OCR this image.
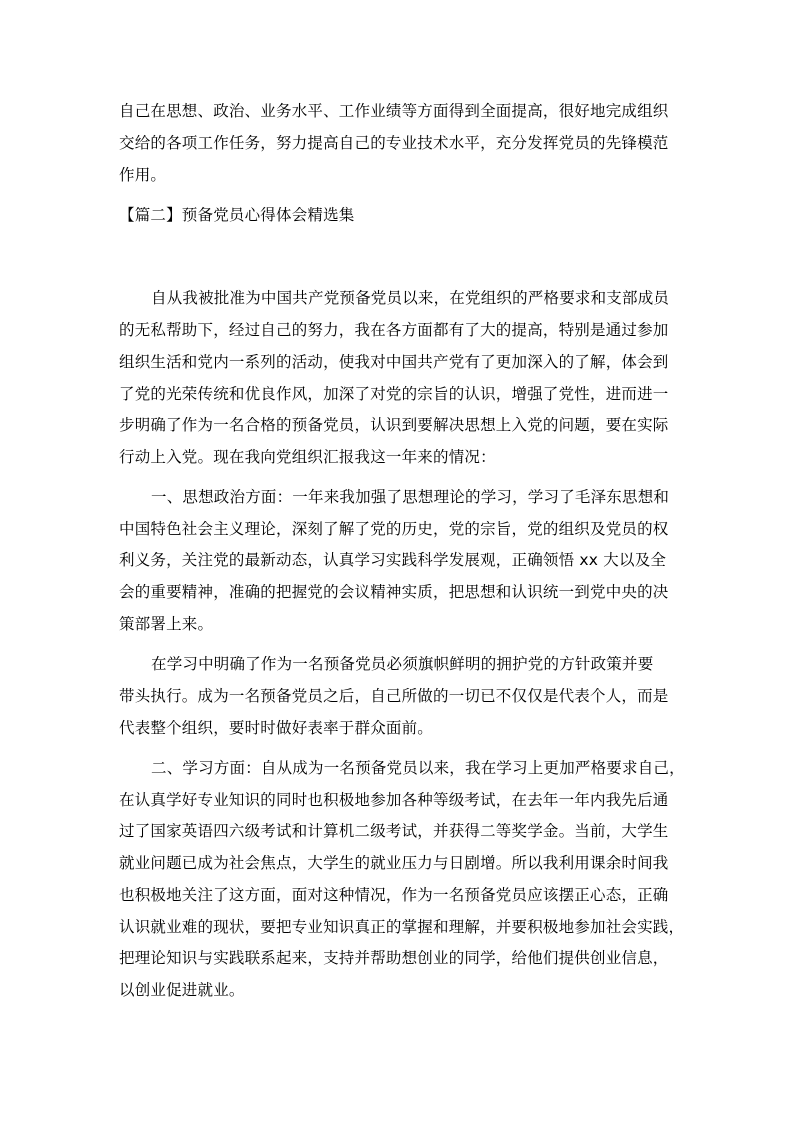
自己在思想、政治、业务水平、工作业绩等方面得到全面提高，很好地完成组织
交给的各项工作任务，努力提高自己的专业技术水平，充分发挥党员的先锋模范
作用。
【篇二】预备党员心得体会精选集
自从我被批准为中国共产党预备党员以来，在党组织的严格要求和支部成员
的无私帮助下，经过自己的努力，我在各方面都有了大的提高，特别是通过参加
组织生活和党内一系列的活动，使我对中国共产党有了更加深入的了解，体会到
了党的光荣传统和优良作风，加深了对党的宗旨的认识，增强了党性，进而进一
步明确了作为一名合格的预备党员，认识到要解决思想上入党的问题，要在实际
行动上入党。现在我向党组织汇报我这一年来的情况：
一、思想政治方面：一年来我加强了思想理论的学习，学习了毛泽东思想和
中国特色社会主义理论，深刻了解了党的历史，党的宗旨，党的组织及党员的权
利义务，关注党的最新动态，认真学习实践科学发展观，正确领悟 xx 大以及全
会的重要精神，准确的把握党的会议精神实质，把思想和认识统一到党中央的决
策部署上来。
在学习中明确了作为一名预备党员必须旗帜鲜明的拥护党的方针政策并要
带头执行。成为一名预备党员之后，自己所做的一切已不仅仅是代表个人，而是
代表整个组织，要时时做好表率于群众面前。
二、学习方面：自从成为一名预备党员以来，我在学习上更加严格要求自己，
在认真学好专业知识的同时也积极地参加各种等级考试，在去年一年内我先后通
过了国家英语四六级考试和计算机二级考试，并获得二等奖学金。当前，大学生
就业问题已成为社会焦点，大学生的就业压力与日剧增。所以我利用课余时间我
也积极地关注了这方面，面对这种情况，作为一名预备党员应该摆正心态，正确
认识就业难的现状，要把专业知识真正的掌握和理解，并要积极地参加社会实践，
把理论知识与实践联系起来，支持并帮助想创业的同学，给他们提供创业信息，
以创业促进就业。
